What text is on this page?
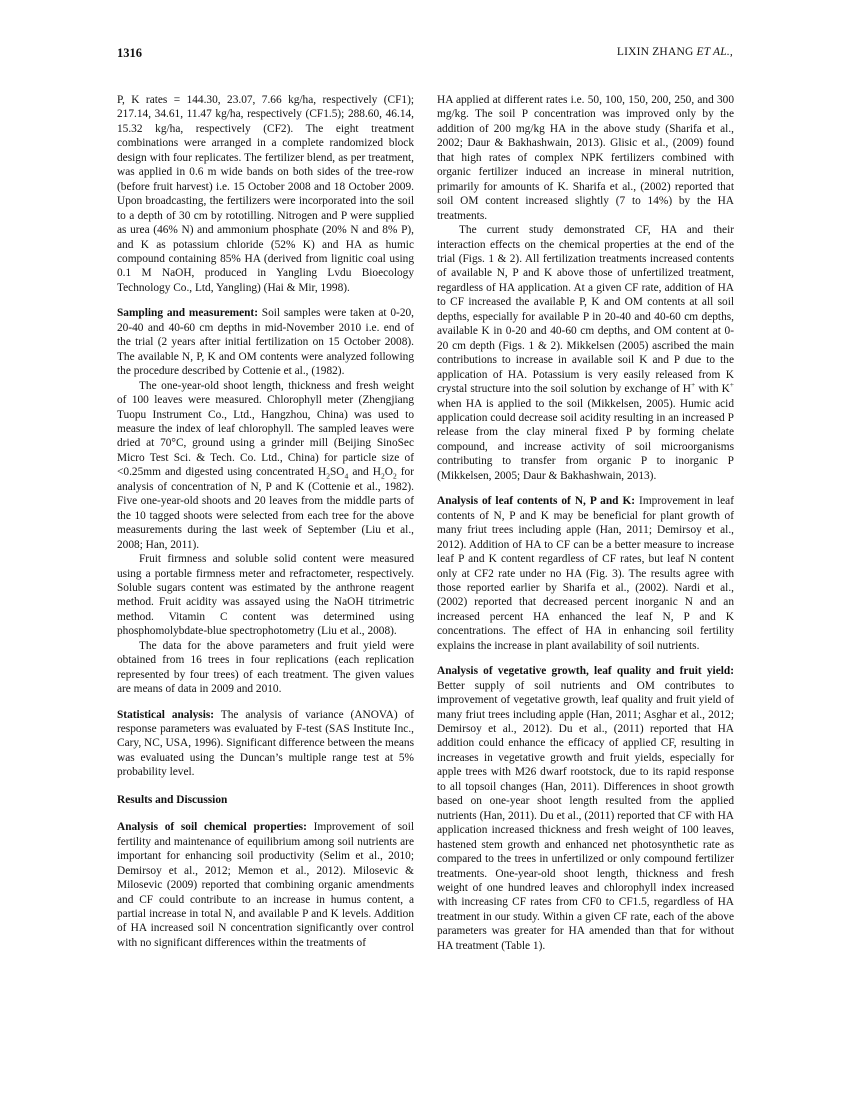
1316	LIXIN ZHANG ET AL.,

P, K rates = 144.30, 23.07, 7.66 kg/ha, respectively (CF1); 217.14, 34.61, 11.47 kg/ha, respectively (CF1.5); 288.60, 46.14, 15.32 kg/ha, respectively (CF2). The eight treatment combinations were arranged in a complete randomized block design with four replicates. The fertilizer blend, as per treatment, was applied in 0.6 m wide bands on both sides of the tree-row (before fruit harvest) i.e. 15 October 2008 and 18 October 2009. Upon broadcasting, the fertilizers were incorporated into the soil to a depth of 30 cm by rototilling. Nitrogen and P were supplied as urea (46% N) and ammonium phosphate (20% N and 8% P), and K as potassium chloride (52% K) and HA as humic compound containing 85% HA (derived from lignitic coal using 0.1 M NaOH, produced in Yangling Lvdu Bioecology Technology Co., Ltd, Yangling) (Hai & Mir, 1998).

Sampling and measurement: Soil samples were taken at 0-20, 20-40 and 40-60 cm depths in mid-November 2010 i.e. end of the trial (2 years after initial fertilization on 15 October 2008). The available N, P, K and OM contents were analyzed following the procedure described by Cottenie et al., (1982).

The one-year-old shoot length, thickness and fresh weight of 100 leaves were measured. Chlorophyll meter (Zhengjiang Tuopu Instrument Co., Ltd., Hangzhou, China) was used to measure the index of leaf chlorophyll. The sampled leaves were dried at 70°C, ground using a grinder mill (Beijing SinoSec Micro Test Sci. & Tech. Co. Ltd., China) for particle size of <0.25mm and digested using concentrated $H_2SO_4$ and $H_2O_2$ for analysis of concentration of N, P and K (Cottenie et al., 1982). Five one-year-old shoots and 20 leaves from the middle parts of the 10 tagged shoots were selected from each tree for the above measurements during the last week of September (Liu et al., 2008; Han, 2011).

Fruit firmness and soluble solid content were measured using a portable firmness meter and refractometer, respectively. Soluble sugars content was estimated by the anthrone reagent method. Fruit acidity was assayed using the NaOH titrimetric method. Vitamin C content was determined using phosphomolybdate-blue spectrophotometry (Liu et al., 2008).

The data for the above parameters and fruit yield were obtained from 16 trees in four replications (each replication represented by four trees) of each treatment. The given values are means of data in 2009 and 2010.

Statistical analysis: The analysis of variance (ANOVA) of response parameters was evaluated by F-test (SAS Institute Inc., Cary, NC, USA, 1996). Significant difference between the means was evaluated using the Duncan’s multiple range test at 5% probability level.

Results and Discussion

Analysis of soil chemical properties: Improvement of soil fertility and maintenance of equilibrium among soil nutrients are important for enhancing soil productivity (Selim et al., 2010; Demirsoy et al., 2012; Memon et al., 2012). Milosevic & Milosevic (2009) reported that combining organic amendments and CF could contribute to an increase in humus content, a partial increase in total N, and available P and K levels. Addition of HA increased soil N concentration significantly over control with no significant differences within the treatments of

HA applied at different rates i.e. 50, 100, 150, 200, 250, and 300 mg/kg. The soil P concentration was improved only by the addition of 200 mg/kg HA in the above study (Sharifa et al., 2002; Daur & Bakhashwain, 2013). Glisic et al., (2009) found that high rates of complex NPK fertilizers combined with organic fertilizer induced an increase in mineral nutrition, primarily for amounts of K. Sharifa et al., (2002) reported that soil OM content increased slightly (7 to 14%) by the HA treatments.

The current study demonstrated CF, HA and their interaction effects on the chemical properties at the end of the trial (Figs. 1 & 2). All fertilization treatments increased contents of available N, P and K above those of unfertilized treatment, regardless of HA application. At a given CF rate, addition of HA to CF increased the available P, K and OM contents at all soil depths, especially for available P in 20-40 and 40-60 cm depths, available K in 0-20 and 40-60 cm depths, and OM content at 0-20 cm depth (Figs. 1 & 2). Mikkelsen (2005) ascribed the main contributions to increase in available soil K and P due to the application of HA. Potassium is very easily released from K crystal structure into the soil solution by exchange of H+ with K+ when HA is applied to the soil (Mikkelsen, 2005). Humic acid application could decrease soil acidity resulting in an increased P release from the clay mineral fixed P by forming chelate compound, and increase activity of soil microorganisms contributing to transfer from organic P to inorganic P (Mikkelsen, 2005; Daur & Bakhashwain, 2013).

Analysis of leaf contents of N, P and K: Improvement in leaf contents of N, P and K may be beneficial for plant growth of many friut trees including apple (Han, 2011; Demirsoy et al., 2012). Addition of HA to CF can be a better measure to increase leaf P and K content regardless of CF rates, but leaf N content only at CF2 rate under no HA (Fig. 3). The results agree with those reported earlier by Sharifa et al., (2002). Nardi et al., (2002) reported that decreased percent inorganic N and an increased percent HA enhanced the leaf N, P and K concentrations. The effect of HA in enhancing soil fertility explains the increase in plant availability of soil nutrients.

Analysis of vegetative growth, leaf quality and fruit yield: Better supply of soil nutrients and OM contributes to improvement of vegetative growth, leaf quality and fruit yield of many friut trees including apple (Han, 2011; Asghar et al., 2012; Demirsoy et al., 2012). Du et al., (2011) reported that HA addition could enhance the efficacy of applied CF, resulting in increases in vegetative growth and fruit yields, especially for apple trees with M26 dwarf rootstock, due to its rapid response to all topsoil changes (Han, 2011). Differences in shoot growth based on one-year shoot length resulted from the applied nutrients (Han, 2011). Du et al., (2011) reported that CF with HA application increased thickness and fresh weight of 100 leaves, hastened stem growth and enhanced net photosynthetic rate as compared to the trees in unfertilized or only compound fertilizer treatments. One-year-old shoot length, thickness and fresh weight of one hundred leaves and chlorophyll index increased with increasing CF rates from CF0 to CF1.5, regardless of HA treatment in our study. Within a given CF rate, each of the above parameters was greater for HA amended than that for without HA treatment (Table 1).
